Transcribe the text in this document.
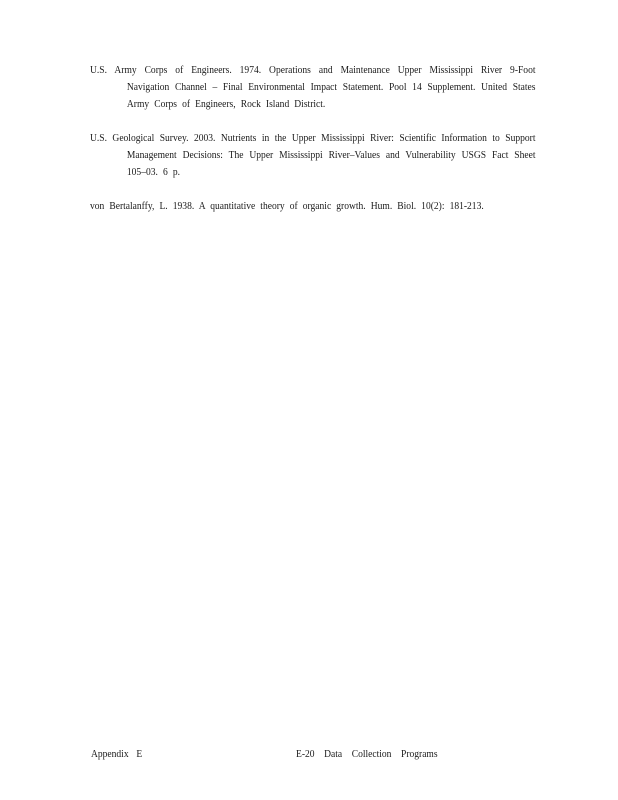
U.S. Army Corps of Engineers. 1974. Operations and Maintenance Upper Mississippi River 9-Foot Navigation Channel – Final Environmental Impact Statement. Pool 14 Supplement. United States Army Corps of Engineers, Rock Island District.

U.S. Geological Survey. 2003. Nutrients in the Upper Mississippi River: Scientific Information to Support Management Decisions: The Upper Mississippi River–Values and Vulnerability USGS Fact Sheet 105–03. 6 p.

von Bertalanffy, L. 1938. A quantitative theory of organic growth. Hum. Biol. 10(2): 181-213.

Appendix E	E-20 Data Collection Programs
